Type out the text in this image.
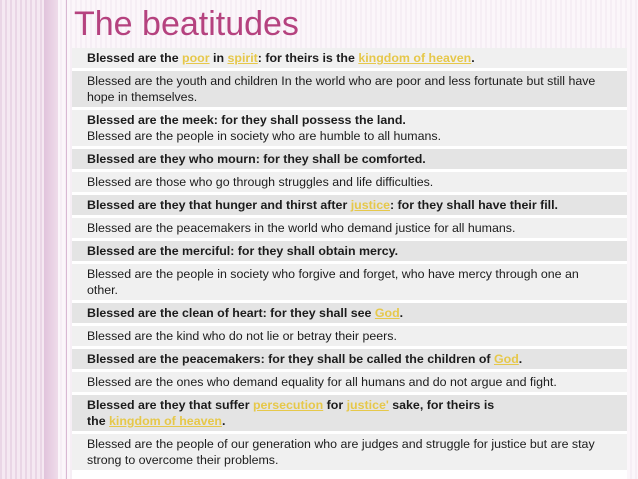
The beatitudes
Blessed are the poor in spirit: for theirs is the kingdom of heaven.
Blessed are the youth and children In the world who are poor and less fortunate but still have hope in themselves.
Blessed are the meek: for they shall possess the land.
Blessed are the people in society who are humble to all humans.
Blessed are they who mourn: for they shall be comforted.
Blessed are those who go through struggles and life difficulties.
Blessed are they that hunger and thirst after justice: for they shall have their fill.
Blessed are the peacemakers in the world who demand justice for all humans.
Blessed are the merciful: for they shall obtain mercy.
Blessed are the people in society who forgive and forget, who have mercy through one an other.
Blessed are the clean of heart: for they shall see God.
Blessed are the kind who do not lie or betray their peers.
Blessed are the peacemakers: for they shall be called the children of God.
Blessed are the ones who demand equality for all humans and do not argue and fight.
Blessed are they that suffer persecution for justice' sake, for theirs is
the kingdom of heaven.
Blessed are the people of our generation who are judges and struggle for justice but are stay strong to overcome their problems.
